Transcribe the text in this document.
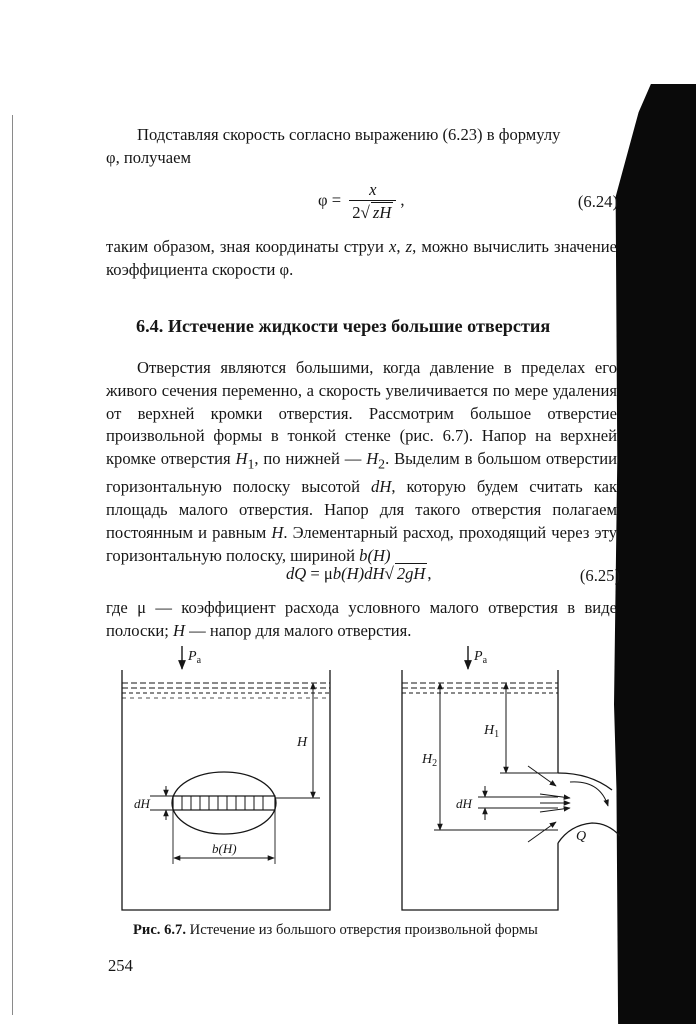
Подставляя скорость согласно выражению (6.23) в формулу
φ, получаем

$\varphi = \frac{x}{2√ zH}$ ,	(6.24)

таким образом, зная координаты струи x, z, можно вычислить значение коэффициента скорости φ.

6.4. Истечение жидкости через большие отверстия

Отверстия являются большими, когда давление в пределах его живого сечения переменно, а скорость увеличивается по мере удаления от верхней кромки отверстия. Рассмотрим большое отверстие произвольной формы в тонкой стенке (рис. 6.7). Напор на верхней кромке отверстия $H_1$, по нижней — $H_2$. Выделим в большом отверстии горизонтальную полоску высотой dH, которую будем считать как площадь малого отверстия. Напор для такого отверстия полагаем постоянным и равным H. Элементарный расход, проходящий через эту горизонтальную полоску, шириной b(H)

dQ = μb(H)dH√ 2gH ,	(6.25)

где μ — коэффициент расхода условного малого отверстия в виде полоски; H — напор для малого отверстия.

$P_a$
H
dH
b(H)
$P_a$
$H_1$
$H_2$
dH
Q

Рис. 6.7. Истечение из большого отверстия произвольной формы

254
